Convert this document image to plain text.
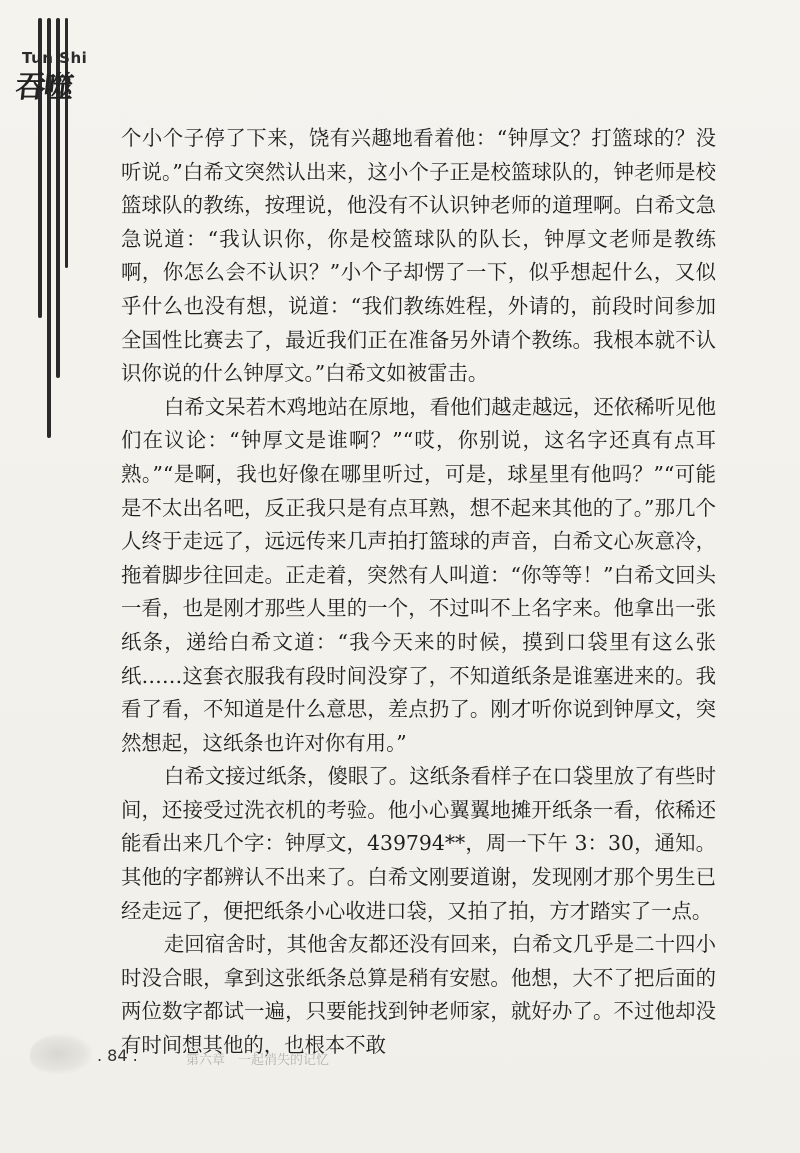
Tun Shi
吞噬

个小个子停了下来，饶有兴趣地看着他：“钟厚文？打篮球的？没听说。”白希文突然认出来，这小个子正是校篮球队的，钟老师是校篮球队的教练，按理说，他没有不认识钟老师的道理啊。白希文急急说道：“我认识你，你是校篮球队的队长，钟厚文老师是教练啊，你怎么会不认识？”小个子却愣了一下，似乎想起什么，又似乎什么也没有想，说道：“我们教练姓程，外请的，前段时间参加全国性比赛去了，最近我们正在准备另外请个教练。我根本就不认识你说的什么钟厚文。”白希文如被雷击。

白希文呆若木鸡地站在原地，看他们越走越远，还依稀听见他们在议论：“钟厚文是谁啊？”“哎，你别说，这名字还真有点耳熟。”“是啊，我也好像在哪里听过，可是，球星里有他吗？”“可能是不太出名吧，反正我只是有点耳熟，想不起来其他的了。”那几个人终于走远了，远远传来几声拍打篮球的声音，白希文心灰意冷，拖着脚步往回走。正走着，突然有人叫道：“你等等！”白希文回头一看，也是刚才那些人里的一个，不过叫不上名字来。他拿出一张纸条，递给白希文道：“我今天来的时候，摸到口袋里有这么张纸……这套衣服我有段时间没穿了，不知道纸条是谁塞进来的。我看了看，不知道是什么意思，差点扔了。刚才听你说到钟厚文，突然想起，这纸条也许对你有用。”

白希文接过纸条，傻眼了。这纸条看样子在口袋里放了有些时间，还接受过洗衣机的考验。他小心翼翼地摊开纸条一看，依稀还能看出来几个字：钟厚文，439794**，周一下午 3：30，通知。其他的字都辨认不出来了。白希文刚要道谢，发现刚才那个男生已经走远了，便把纸条小心收进口袋，又拍了拍，方才踏实了一点。

走回宿舍时，其他舍友都还没有回来，白希文几乎是二十四小时没合眼，拿到这张纸条总算是稍有安慰。他想，大不了把后面的两位数字都试一遍，只要能找到钟老师家，就好办了。不过他却没有时间想其他的，也根本不敢

. 84 .	第六章　一起消失的记忆
